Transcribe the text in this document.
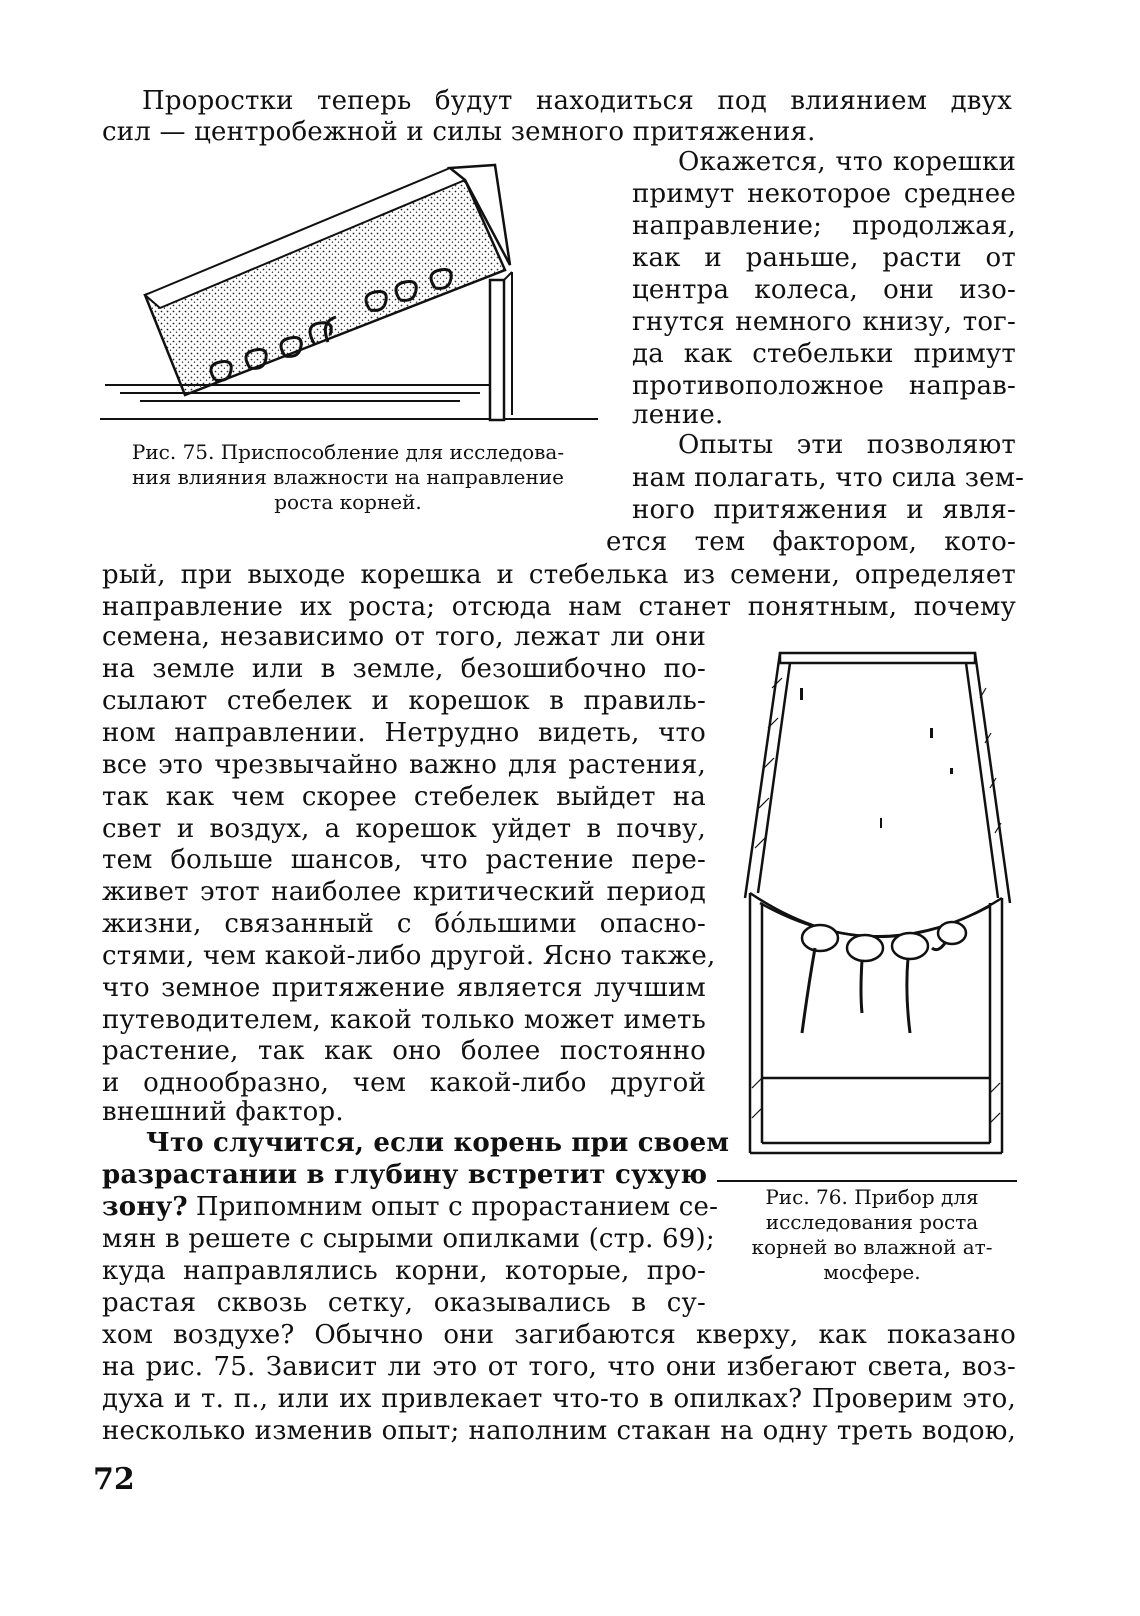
Проростки теперь будут находиться под влиянием двух
сил — центробежной и силы земного притяжения.
Окажется, что корешки
примут некоторое среднее
направление; продолжая,
как и раньше, расти от
центра колеса, они изо-
гнутся немного книзу, тог-
да как стебельки примут
противоположное направ-
ление.
Опыты эти позволяют
нам полагать, что сила зем-
ного притяжения и явля-
ется тем фактором, кото-
Рис. 75. Приспособление для исследова-
ния влияния влажности на направление
роста корней.
рый, при выходе корешка и стебелька из семени, определяет
направление их роста; отсюда нам станет понятным, почему
семена, независимо от того, лежат ли они
на земле или в земле, безошибочно по-
сылают стебелек и корешок в правиль-
ном направлении. Нетрудно видеть, что
все это чрезвычайно важно для растения,
так как чем скорее стебелек выйдет на
свет и воздух, а корешок уйдет в почву,
тем больше шансов, что растение пере-
живет этот наиболее критический период
жизни, связанный с бо́льшими опасно-
стями, чем какой-либо другой. Ясно также,
что земное притяжение является лучшим
путеводителем, какой только может иметь
растение, так как оно более постоянно
и однообразно, чем какой-либо другой
внешний фактор.
Что случится, если корень при своем
разрастании в глубину встретит сухую
зону? Припомним опыт с прорастанием се-
мян в решете с сырыми опилками (стр. 69);
куда направлялись корни, которые, про-
растая сквозь сетку, оказывались в су-
Рис. 76. Прибор для
исследования роста
корней во влажной ат-
мосфере.
хом воздухе? Обычно они загибаются кверху, как показано
на рис. 75. Зависит ли это от того, что они избегают света, воз-
духа и т. п., или их привлекает что-то в опилках? Проверим это,
несколько изменив опыт; наполним стакан на одну треть водою,
72
